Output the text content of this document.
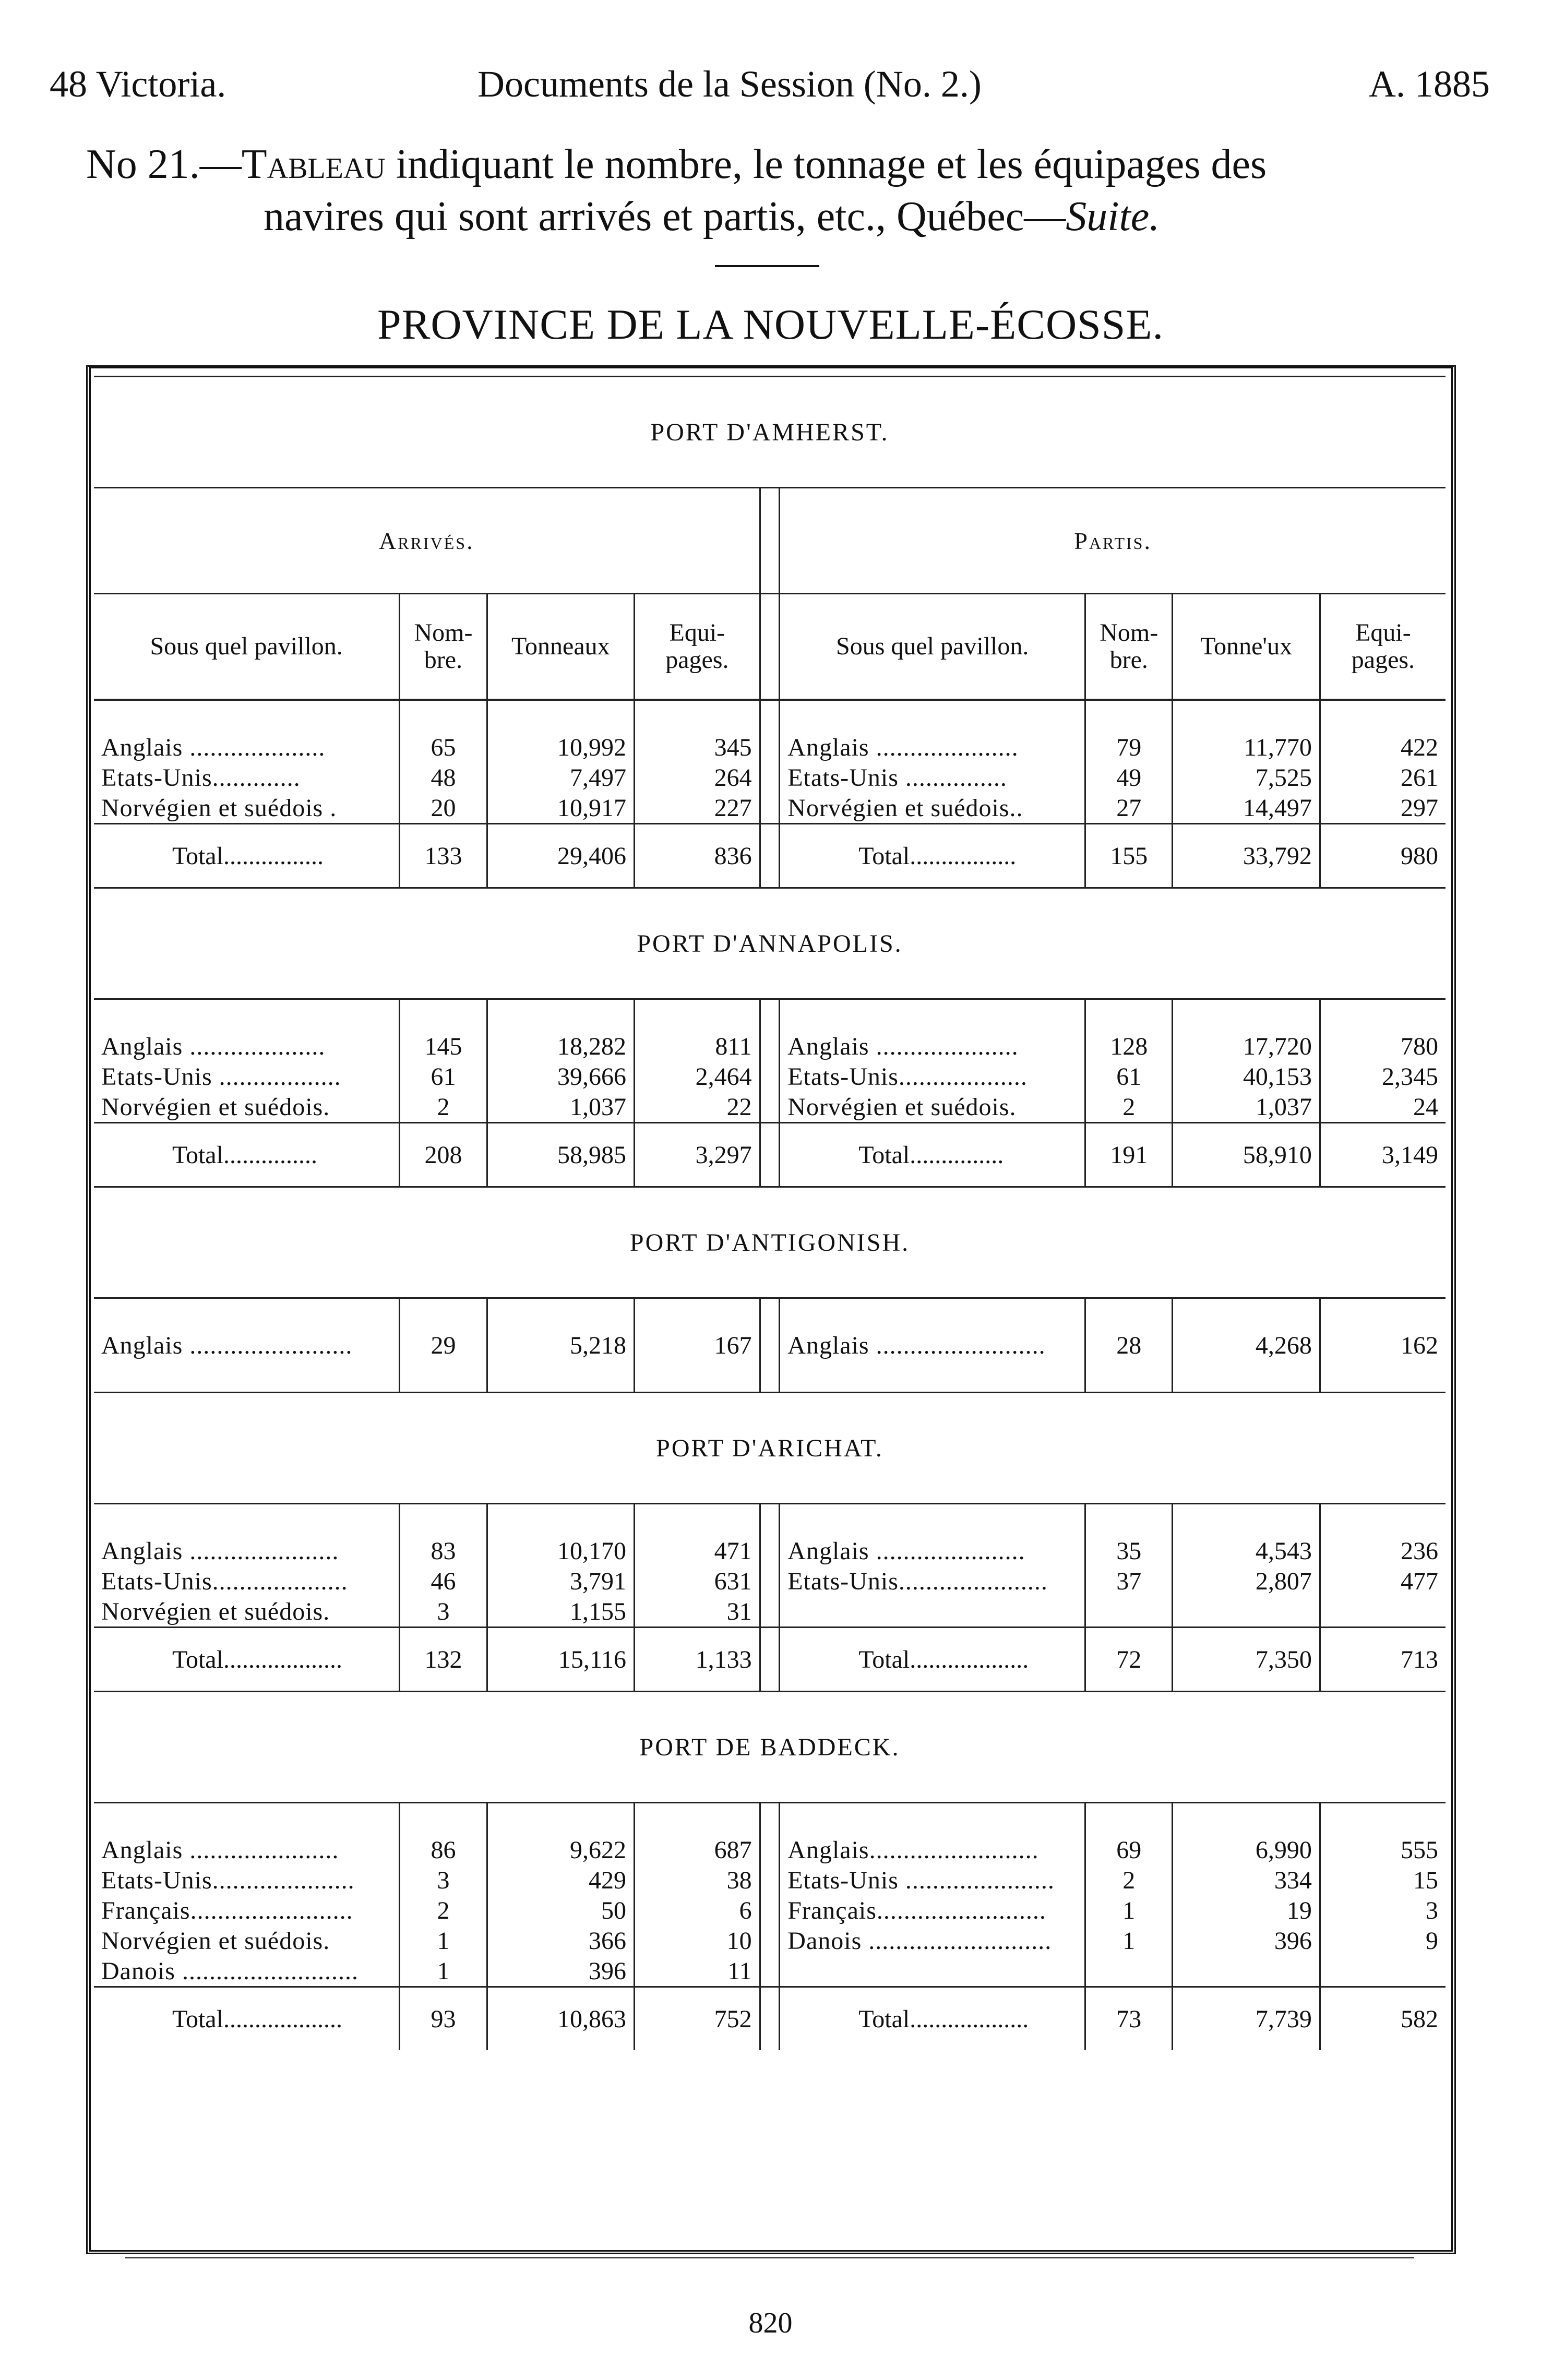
48 Victoria.	Documents de la Session (No. 2.)	A. 1885
No 21.—Tableau indiquant le nombre, le tonnage et les équipages des
navires qui sont arrivés et partis, etc., Québec—Suite.
PROVINCE DE LA NOUVELLE-ÉCOSSE.
PORT D'AMHERST.								
Arrivés.					Partis.			
Sous quel pavillon.	Nom-
bre.	Tonneaux	Equi-
pages.		Sous quel pavillon.	Nom-
bre.	Tonne'ux	Equi-
pages.

Anglais ....................	65	10,992	345		Anglais .....................	79	11,770	422
Etats-Unis.............	48	7,497	264		Etats-Unis ...............	49	7,525	261
Norvégien et suédois .	20	10,917	227		Norvégien et suédois..	27	14,497	297
Total................	133	29,406	836		Total.................	155	33,792	980
PORT D'ANNAPOLIS.								

Anglais ....................	145	18,282	811		Anglais .....................	128	17,720	780
Etats-Unis ..................	61	39,666	2,464		Etats-Unis...................	61	40,153	2,345
Norvégien et suédois.	2	1,037	22		Norvégien et suédois.	2	1,037	24
Total...............	208	58,985	3,297		Total...............	191	58,910	3,149
PORT D'ANTIGONISH.								

Anglais ........................	29	5,218	167		Anglais .........................	28	4,268	162

PORT D'ARICHAT.								

Anglais ......................	83	10,170	471		Anglais ......................	35	4,543	236
Etats-Unis....................	46	3,791	631		Etats-Unis......................	37	2,807	477
Norvégien et suédois.	3	1,155	31					
Total...................	132	15,116	1,133		Total...................	72	7,350	713
PORT DE BADDECK.								

Anglais ......................	86	9,622	687		Anglais.........................	69	6,990	555
Etats-Unis.....................	3	429	38		Etats-Unis ......................	2	334	15
Français........................	2	50	6		Français.........................	1	19	3
Norvégien et suédois.	1	366	10		Danois ...........................	1	396	9
Danois ..........................	1	396	11					
Total...................	93	10,863	752		Total...................	73	7,739	582
820
